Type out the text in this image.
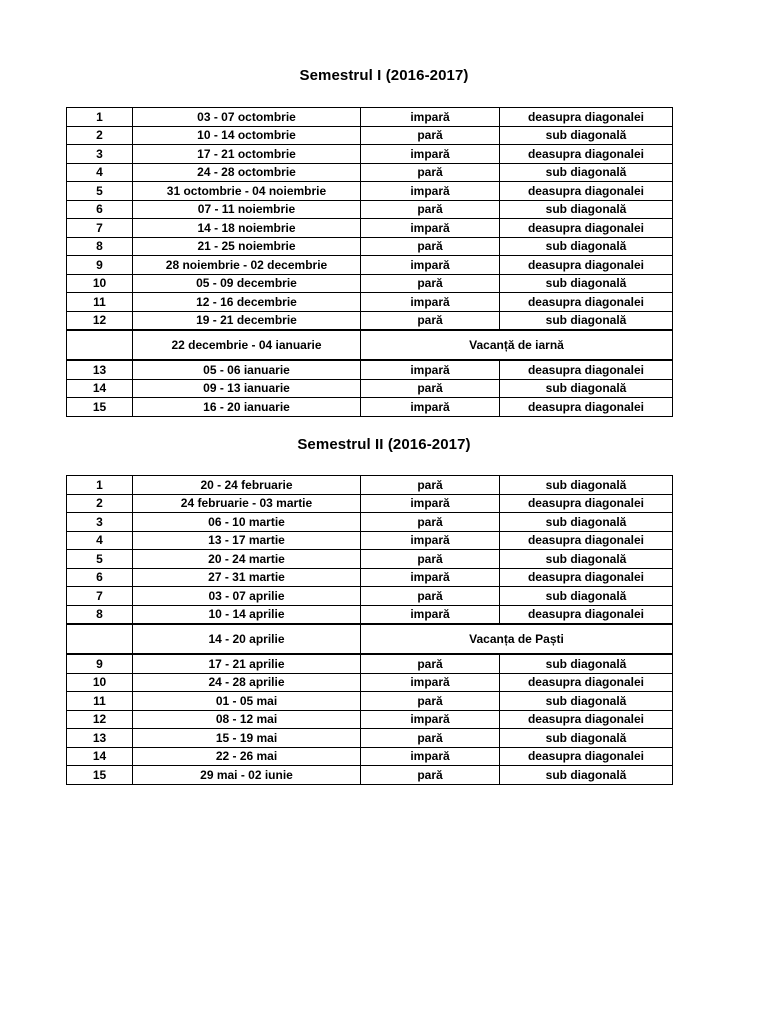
Semestrul I (2016-2017)
1	03 - 07 octombrie	impară	deasupra diagonalei
2	10 - 14 octombrie	pară	sub diagonală
3	17 - 21 octombrie	impară	deasupra diagonalei
4	24 - 28 octombrie	pară	sub diagonală
5	31 octombrie - 04 noiembrie	impară	deasupra diagonalei
6	07 - 11 noiembrie	pară	sub diagonală
7	14 - 18 noiembrie	impară	deasupra diagonalei
8	21 - 25 noiembrie	pară	sub diagonală
9	28 noiembrie - 02 decembrie	impară	deasupra diagonalei
10	05 - 09 decembrie	pară	sub diagonală
11	12 - 16 decembrie	impară	deasupra diagonalei
12	19 - 21 decembrie	pară	sub diagonală
	22 decembrie - 04 ianuarie	Vacanță de iarnă	
13	05 - 06 ianuarie	impară	deasupra diagonalei
14	09 - 13 ianuarie	pară	sub diagonală
15	16 - 20 ianuarie	impară	deasupra diagonalei
Semestrul II (2016-2017)
1	20 - 24 februarie	pară	sub diagonală
2	24 februarie - 03 martie	impară	deasupra diagonalei
3	06 - 10 martie	pară	sub diagonală
4	13 - 17 martie	impară	deasupra diagonalei
5	20 - 24 martie	pară	sub diagonală
6	27 - 31 martie	impară	deasupra diagonalei
7	03 - 07 aprilie	pară	sub diagonală
8	10 - 14 aprilie	impară	deasupra diagonalei
	14 - 20 aprilie	Vacanța de Paști	
9	17 - 21 aprilie	pară	sub diagonală
10	24 - 28 aprilie	impară	deasupra diagonalei
11	01 - 05 mai	pară	sub diagonală
12	08 - 12 mai	impară	deasupra diagonalei
13	15 - 19 mai	pară	sub diagonală
14	22 - 26 mai	impară	deasupra diagonalei
15	29 mai - 02 iunie	pară	sub diagonală
